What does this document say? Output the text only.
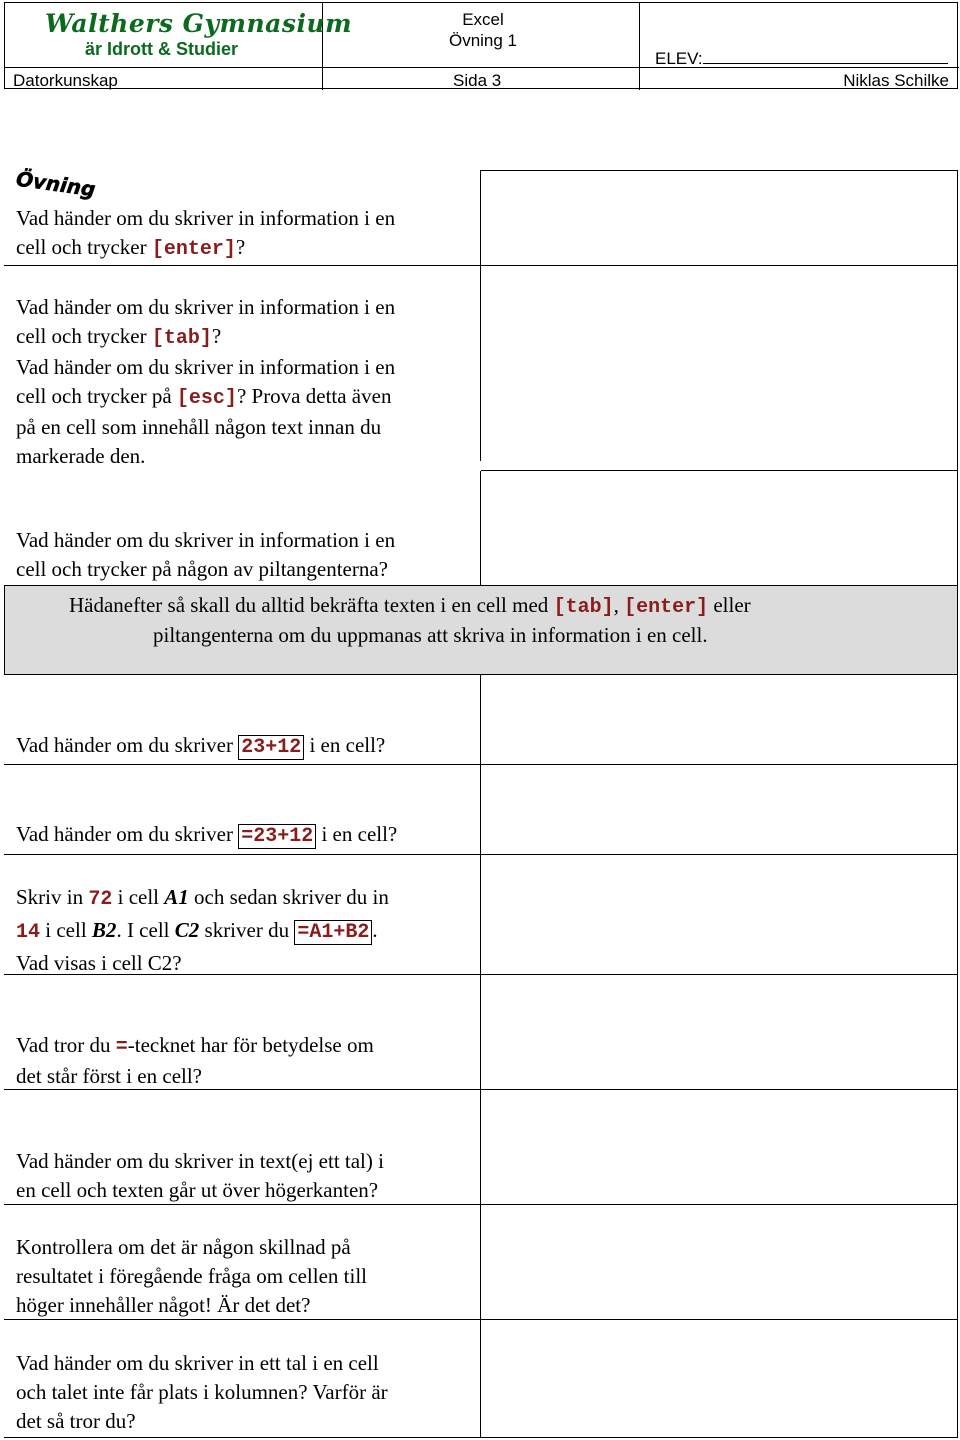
Walthers Gymnasium
är Idrott & Studier
Excel
Övning 1
ELEV:
Datorkunskap	Sida 3	Niklas Schilke
Övning
Vad händer om du skriver in information i en
cell och trycker [enter]?
Vad händer om du skriver in information i en
cell och trycker [tab]?
Vad händer om du skriver in information i en
cell och trycker på [esc]? Prova detta även
på en cell som innehåll någon text innan du
markerade den.
Vad händer om du skriver in information i en
cell och trycker på någon av piltangenterna?
Hädanefter så skall du alltid bekräfta texten i en cell med [tab], [enter] eller
piltangenterna om du uppmanas att skriva in information i en cell.
Vad händer om du skriver 23+12 i en cell?
Vad händer om du skriver =23+12 i en cell?
Skriv in 72 i cell A1 och sedan skriver du in
14 i cell B2. I cell C2 skriver du =A1+B2 .
Vad visas i cell C2?
Vad tror du =-tecknet har för betydelse om
det står först i en cell?
Vad händer om du skriver in text(ej ett tal) i
en cell och texten går ut över högerkanten?
Kontrollera om det är någon skillnad på
resultatet i föregående fråga om cellen till
höger innehåller något! Är det det?
Vad händer om du skriver in ett tal i en cell
och talet inte får plats i kolumnen? Varför är
det så tror du?
